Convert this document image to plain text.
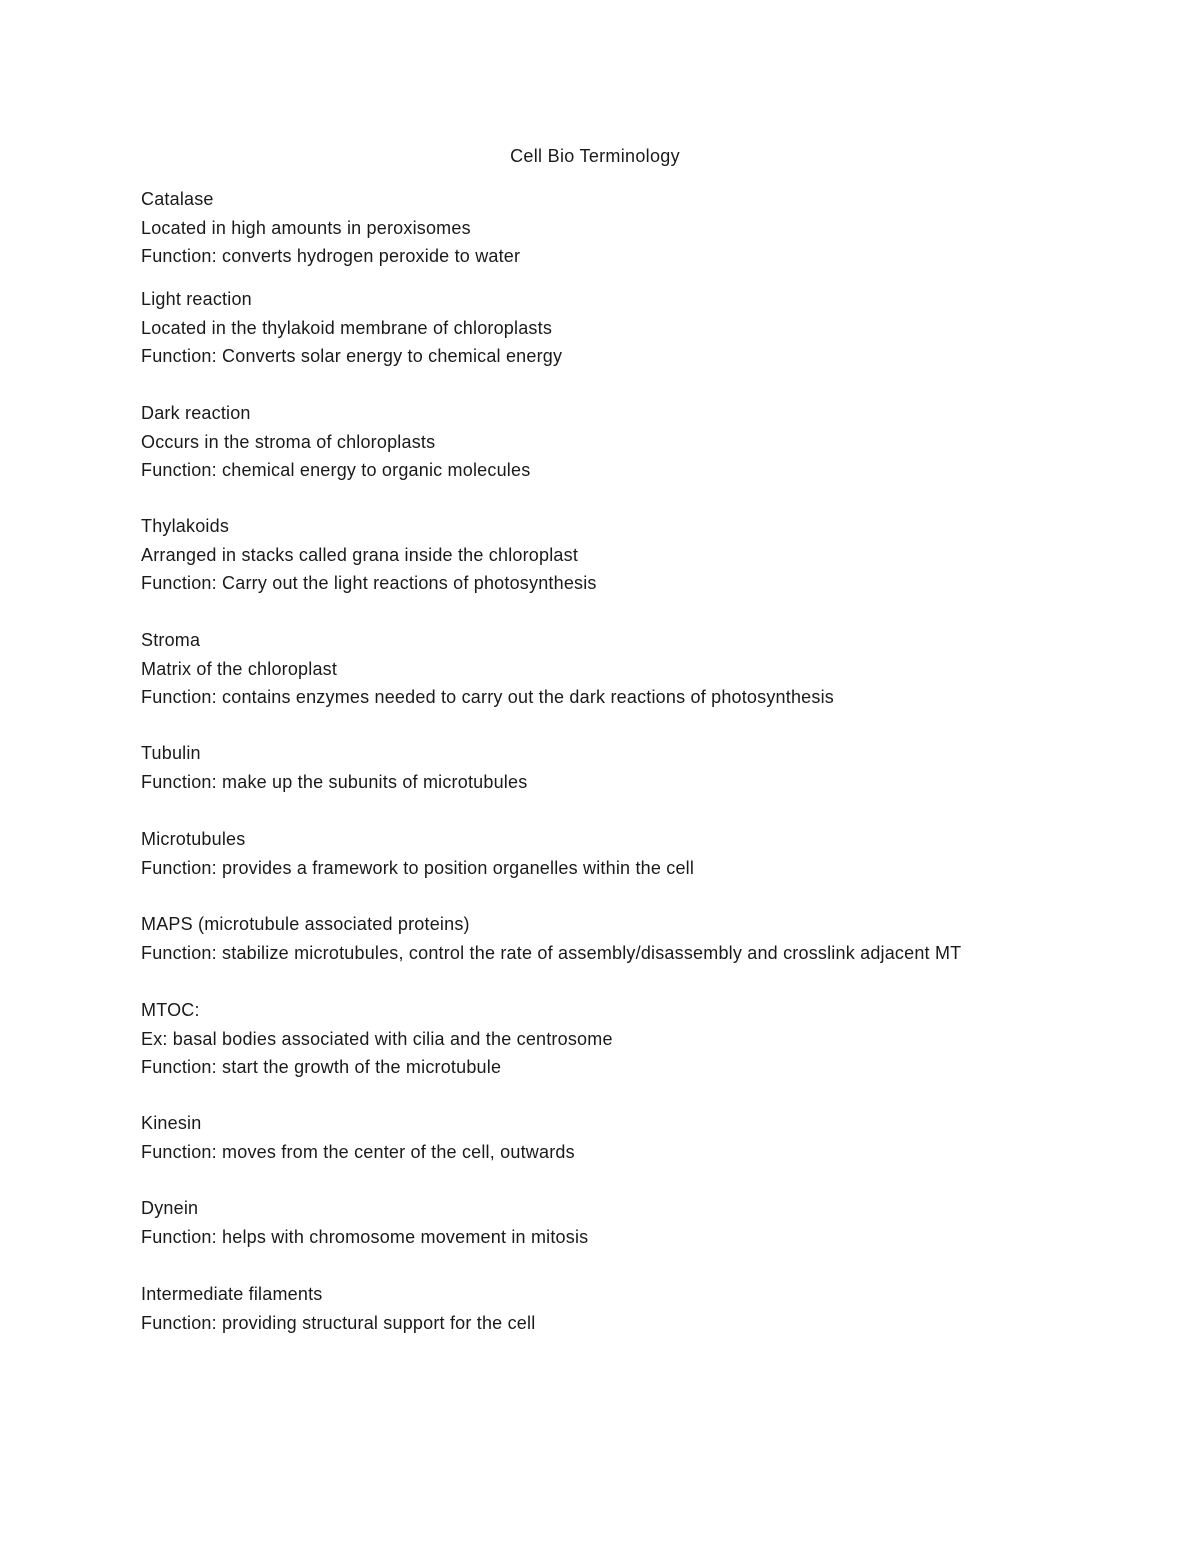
Cell Bio Terminology
Catalase
Located in high amounts in peroxisomes
Function: converts hydrogen peroxide to water
Light reaction
Located in the thylakoid membrane of chloroplasts
Function: Converts solar energy to chemical energy
Dark reaction
Occurs in the stroma of chloroplasts
Function: chemical energy to organic molecules
Thylakoids
Arranged in stacks called grana inside the chloroplast
Function: Carry out the light reactions of photosynthesis
Stroma
Matrix of the chloroplast
Function: contains enzymes needed to carry out the dark reactions of photosynthesis
Tubulin
Function: make up the subunits of microtubules
Microtubules
Function: provides a framework to position organelles within the cell
MAPS (microtubule associated proteins)
Function: stabilize microtubules, control the rate of assembly/disassembly and crosslink adjacent MT
MTOC:
Ex: basal bodies associated with cilia and the centrosome
Function: start the growth of the microtubule
Kinesin
Function: moves from the center of the cell, outwards
Dynein
Function: helps with chromosome movement in mitosis
Intermediate filaments
Function: providing structural support for the cell
